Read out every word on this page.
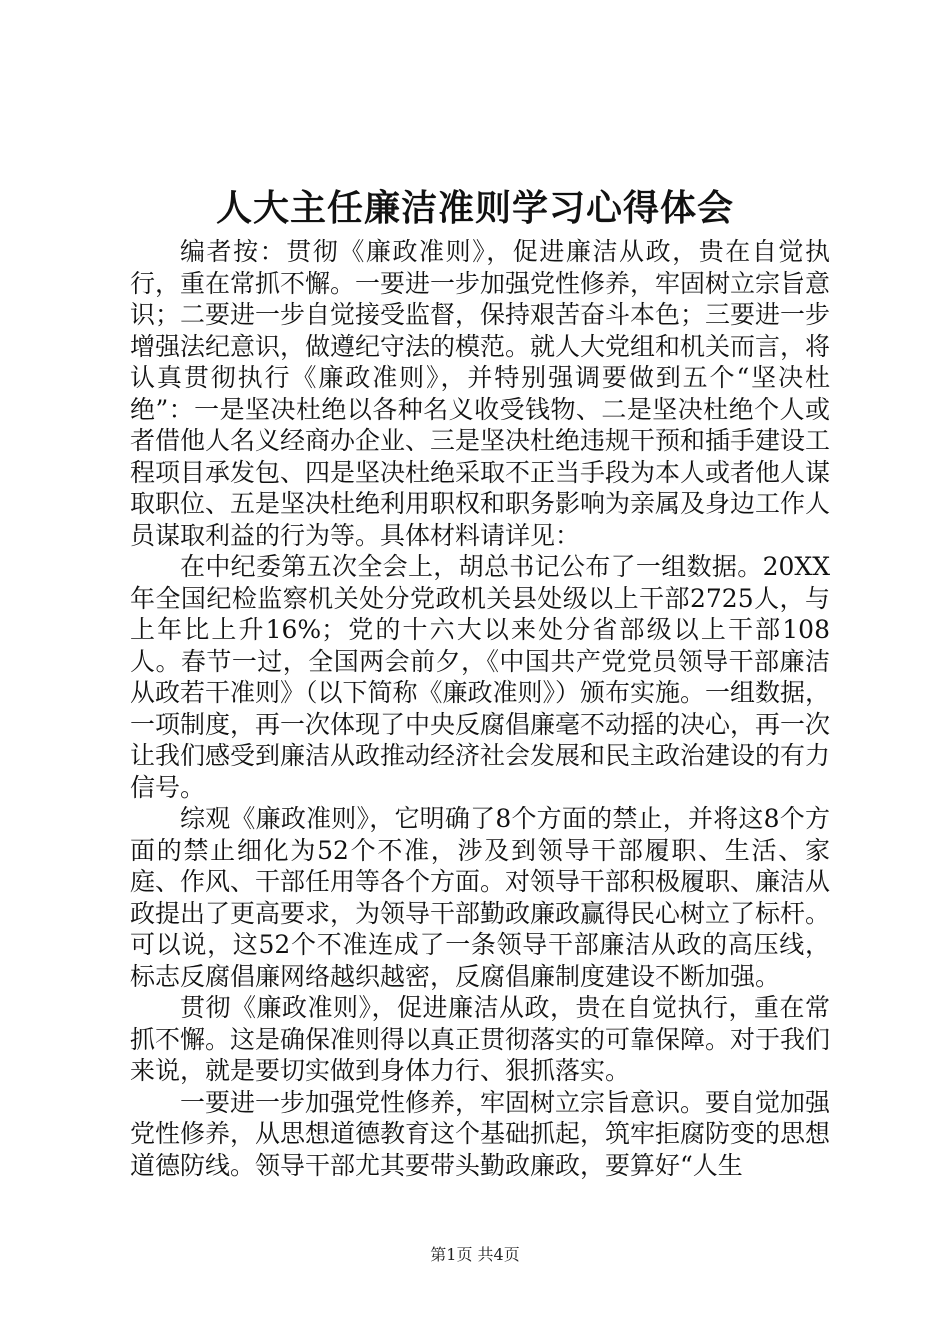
人大主任廉洁准则学习心得体会

编者按：贯彻《廉政准则》，促进廉洁从政，贵在自觉执行，重在常抓不懈。一要进一步加强党性修养，牢固树立宗旨意识；二要进一步自觉接受监督，保持艰苦奋斗本色；三要进一步增强法纪意识，做遵纪守法的模范。就人大党组和机关而言，将认真贯彻执行《廉政准则》，并特别强调要做到五个“坚决杜绝”：一是坚决杜绝以各种名义收受钱物、二是坚决杜绝个人或者借他人名义经商办企业、三是坚决杜绝违规干预和插手建设工程项目承发包、四是坚决杜绝采取不正当手段为本人或者他人谋取职位、五是坚决杜绝利用职权和职务影响为亲属及身边工作人员谋取利益的行为等。具体材料请详见：

在中纪委第五次全会上，胡总书记公布了一组数据。20XX年全国纪检监察机关处分党政机关县处级以上干部2725人，与上年比上升16%；党的十六大以来处分省部级以上干部108人。春节一过，全国两会前夕，《中国共产党党员领导干部廉洁从政若干准则》（以下简称《廉政准则》）颁布实施。一组数据，一项制度，再一次体现了中央反腐倡廉毫不动摇的决心，再一次让我们感受到廉洁从政推动经济社会发展和民主政治建设的有力信号。

综观《廉政准则》，它明确了8个方面的禁止，并将这8个方面的禁止细化为52个不准，涉及到领导干部履职、生活、家庭、作风、干部任用等各个方面。对领导干部积极履职、廉洁从政提出了更高要求，为领导干部勤政廉政赢得民心树立了标杆。可以说，这52个不准连成了一条领导干部廉洁从政的高压线，标志反腐倡廉网络越织越密，反腐倡廉制度建设不断加强。

贯彻《廉政准则》，促进廉洁从政，贵在自觉执行，重在常抓不懈。这是确保准则得以真正贯彻落实的可靠保障。对于我们来说，就是要切实做到身体力行、狠抓落实。

一要进一步加强党性修养，牢固树立宗旨意识。要自觉加强党性修养，从思想道德教育这个基础抓起，筑牢拒腐防变的思想道德防线。领导干部尤其要带头勤政廉政，要算好“人生

第1页 共4页
